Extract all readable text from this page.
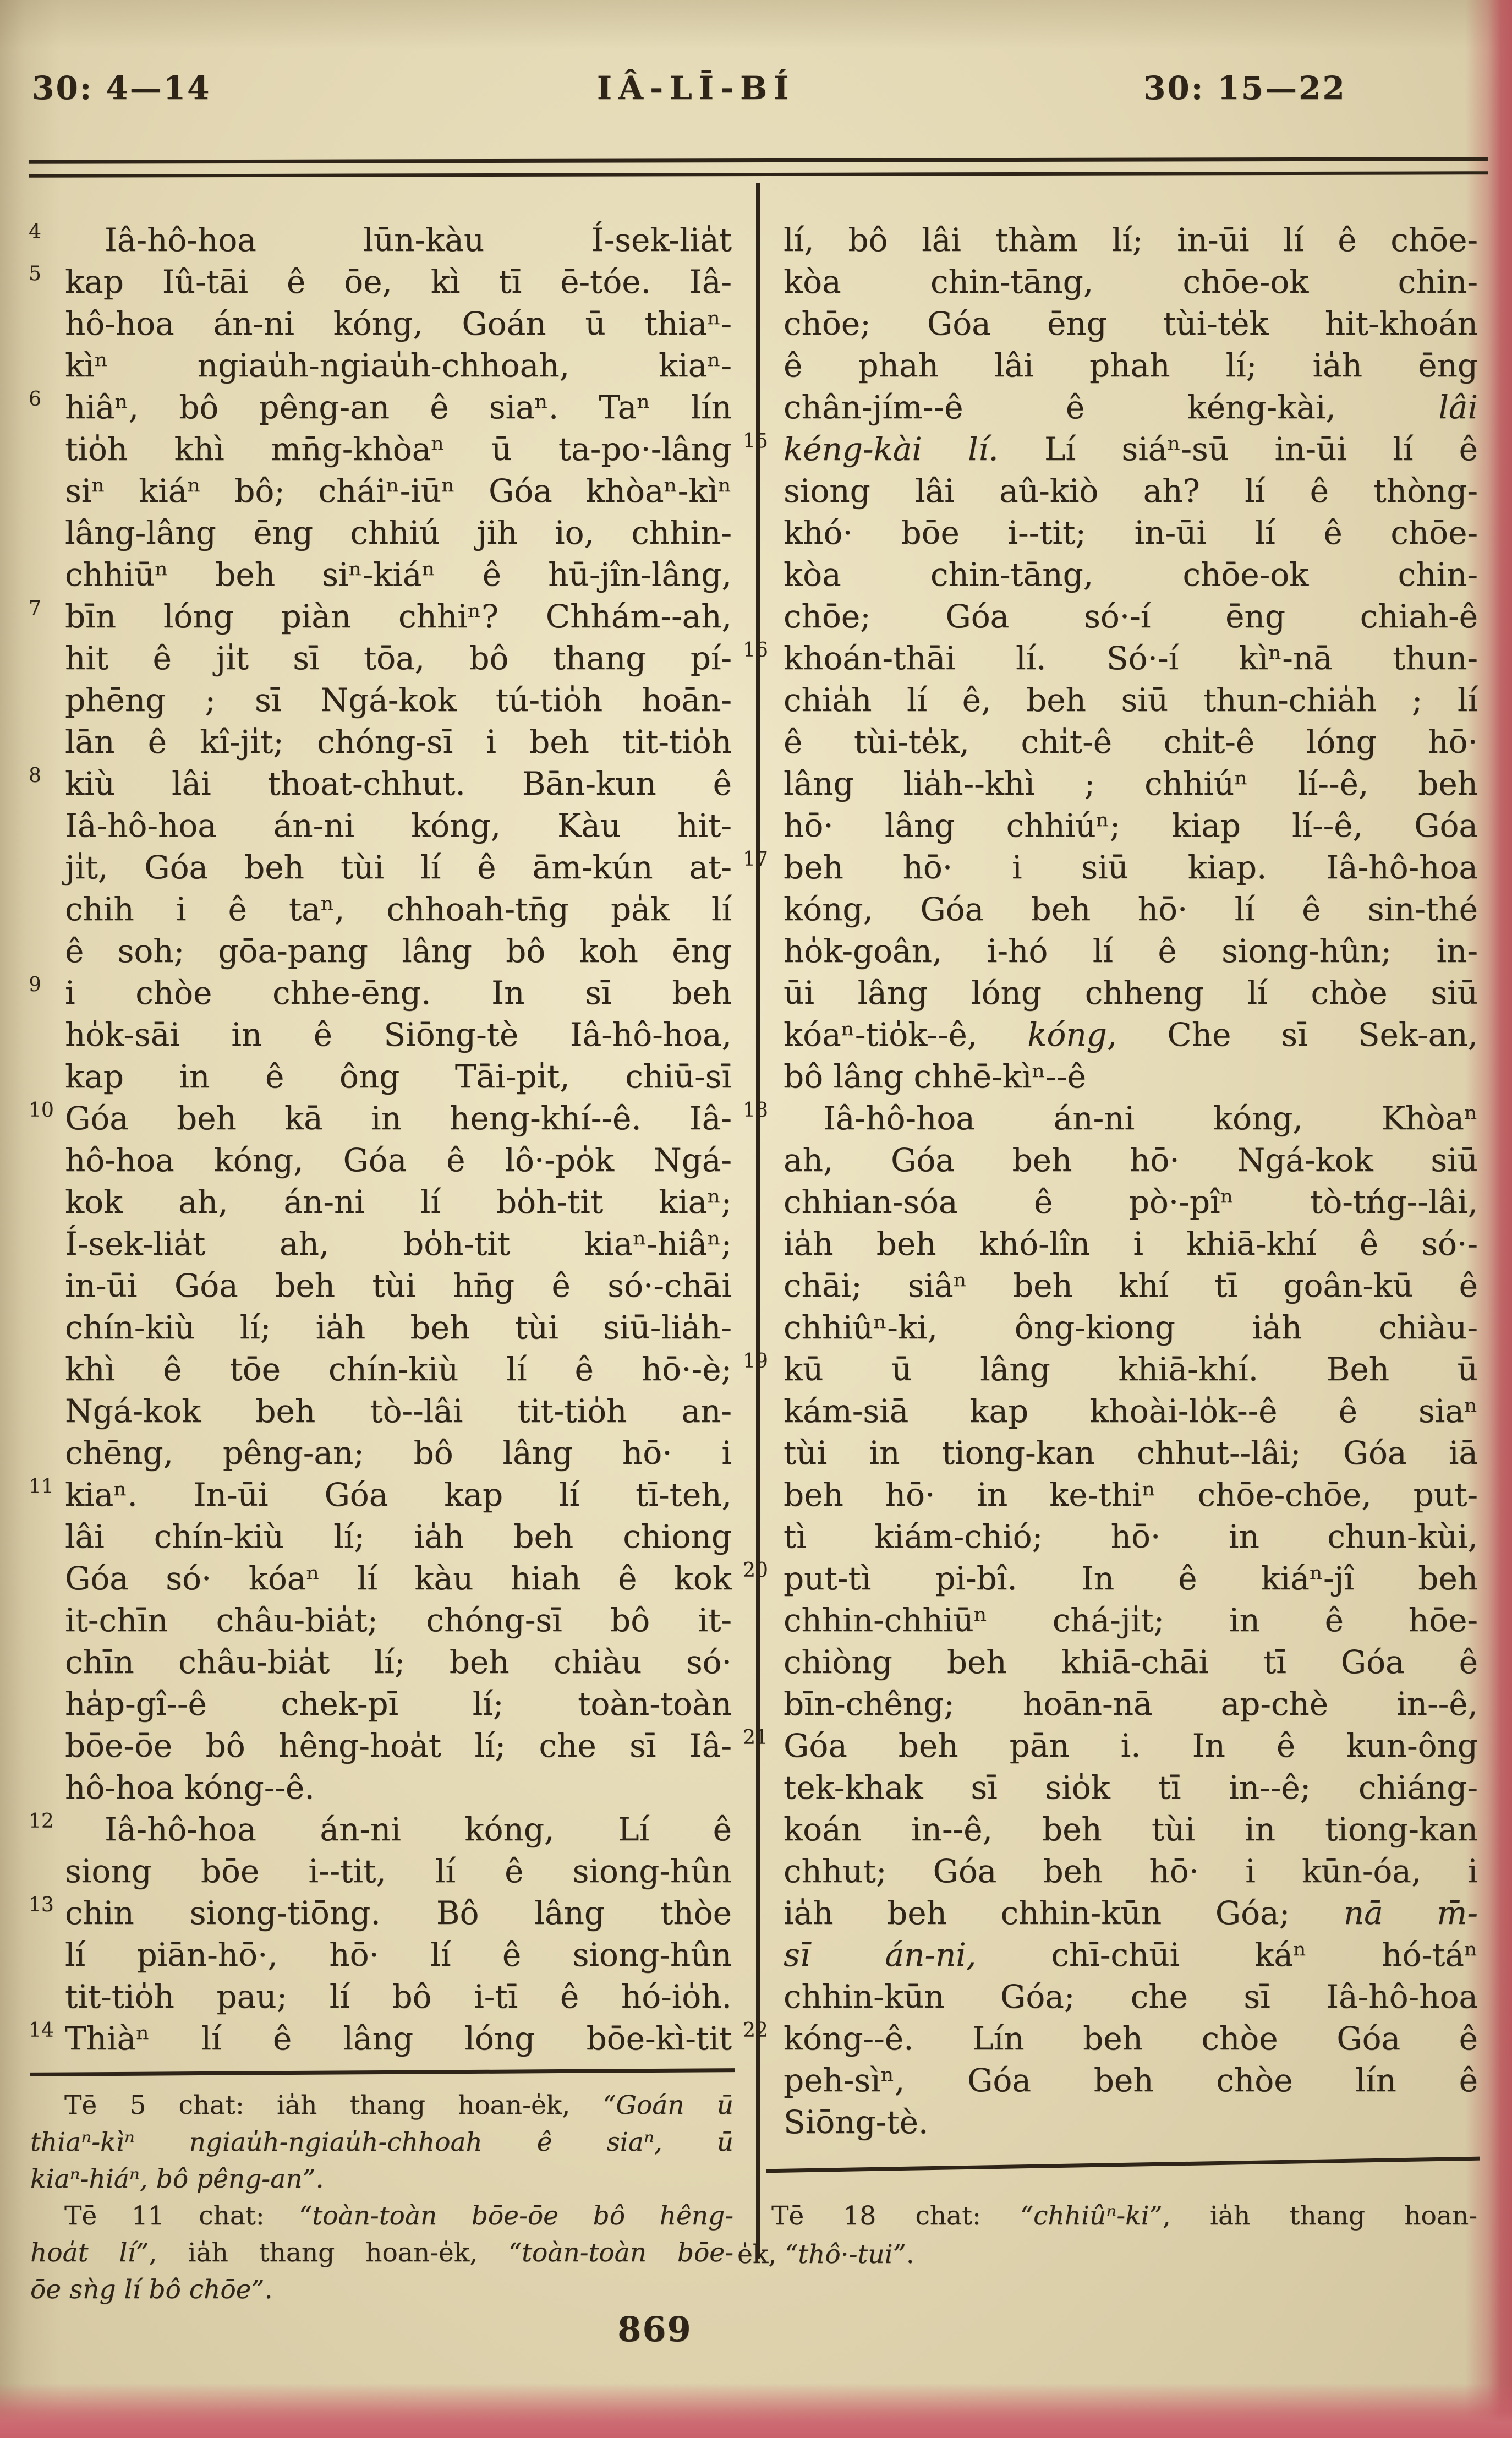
30: 4—14	IÂ-LĪ-BÍ	30: 15—22
4	Iâ-hô-hoa lūn-kàu Í-sek-lia̍t
5 kap Iû-tāi ê ōe, kì tī ē-tóe. Iâ-
hô-hoa án-ni kóng, Goán ū thiaⁿ-
kìⁿ ngiau̍h-ngiau̍h-chhoah, kiaⁿ-
6 hiâⁿ, bô pêng-an ê siaⁿ. Taⁿ lín
tio̍h khì mn̄g-khòaⁿ ū ta-po·-lâng
siⁿ kiáⁿ bô; cháiⁿ-iūⁿ Góa khòaⁿ-kìⁿ
lâng-lâng ēng chhiú jih io, chhin-
chhiūⁿ beh siⁿ-kiáⁿ ê hū-jîn-lâng,
7 bīn lóng piàn chhiⁿ? Chhám--ah,
hit ê ji̍t sī tōa, bô thang pí-
phēng ; sī Ngá-kok tú-tio̍h hoān-
lān ê kî-ji̍t; chóng-sī i beh tit-tio̍h
8 kiù lâi thoat-chhut. Bān-kun ê
Iâ-hô-hoa án-ni kóng, Kàu hit-
ji̍t, Góa beh tùi lí ê ām-kún at-
chih i ê taⁿ, chhoah-tn̄g pa̍k lí
ê soh; gōa-pang lâng bô koh ēng
9 i chòe chhe-ēng. In sī beh
ho̍k-sāi in ê Siōng-tè Iâ-hô-hoa,
kap in ê ông Tāi-pi̍t, chiū-sī
10 Góa beh kā in heng-khí--ê. Iâ-
hô-hoa kóng, Góa ê lô·-po̍k Ngá-
kok ah, án-ni lí bo̍h-tit kiaⁿ;
Í-sek-lia̍t ah, bo̍h-tit kiaⁿ-hiâⁿ;
in-ūi Góa beh tùi hn̄g ê só·-chāi
chín-kiù lí; ia̍h beh tùi siū-lia̍h-
khì ê tōe chín-kiù lí ê hō·-è;
Ngá-kok beh tò--lâi tit-tio̍h an-
chēng, pêng-an; bô lâng hō· i
11 kiaⁿ. In-ūi Góa kap lí tī-teh,
lâi chín-kiù lí; ia̍h beh chiong
Góa só· kóaⁿ lí kàu hiah ê kok
it-chīn châu-bia̍t; chóng-sī bô it-
chīn châu-bia̍t lí; beh chiàu só·
ha̍p-gî--ê chek-pī lí; toàn-toàn
bōe-ōe bô hêng-hoa̍t lí; che sī Iâ-
hô-hoa kóng--ê.
12 Iâ-hô-hoa án-ni kóng, Lí ê
siong bōe i--tit, lí ê siong-hûn
13 chin siong-tiōng. Bô lâng thòe
lí piān-hō·, hō· lí ê siong-hûn
tit-tio̍h pau; lí bô i-tī ê hó-io̍h.
14 Thiàⁿ lí ê lâng lóng bōe-kì-tit
lí, bô lâi thàm lí; in-ūi lí ê chōe-
kòa chin-tāng, chōe-ok chin-
chōe; Góa ēng tùi-te̍k hit-khoán
ê phah lâi phah lí; ia̍h ēng
chân-jím--ê ê kéng-kài, lâi
15 kéng-kài lí. Lí siáⁿ-sū in-ūi lí ê
siong lâi aû-kiò ah? lí ê thòng-
khó· bōe i--tit; in-ūi lí ê chōe-
kòa chin-tāng, chōe-ok chin-
chōe; Góa só·-í ēng chiah-ê
16 khoán-thāi lí. Só·-í kìⁿ-nā thun-
chia̍h lí ê, beh siū thun-chia̍h ; lí
ê tùi-te̍k, chi̍t-ê chi̍t-ê lóng hō·
lâng lia̍h--khì ; chhiúⁿ lí--ê, beh
hō· lâng chhiúⁿ; kiap lí--ê, Góa
17 beh hō· i siū kiap. Iâ-hô-hoa
kóng, Góa beh hō· lí ê sin-thé
ho̍k-goân, i-hó lí ê siong-hûn; in-
ūi lâng lóng chheng lí chòe siū
kóaⁿ-tio̍k--ê, kóng, Che sī Sek-an,
bô lâng chhē-kìⁿ--ê
18	Iâ-hô-hoa án-ni kóng, Khòaⁿ
ah, Góa beh hō· Ngá-kok siū
chhian-sóa ê pò·-pîⁿ tò-tńg--lâi,
ia̍h beh khó-lîn i khiā-khí ê só·-
chāi; siâⁿ beh khí tī goân-kū ê
chhiûⁿ-ki, ông-kiong ia̍h chiàu-
19 kū ū lâng khiā-khí. Beh ū
kám-siā kap khoài-lo̍k--ê ê siaⁿ
tùi in tiong-kan chhut--lâi; Góa iā
beh hō· in ke-thiⁿ chōe-chōe, put-
tì kiám-chió; hō· in chun-kùi,
20 put-tì pi-bî. In ê kiáⁿ-jî beh
chhin-chhiūⁿ chá-ji̍t; in ê hōe-
chiòng beh khiā-chāi tī Góa ê
bīn-chêng; hoān-nā ap-chè in--ê,
21 Góa beh pān i. In ê kun-ông
tek-khak sī sio̍k tī in--ê; chiáng-
koán in--ê, beh tùi in tiong-kan
chhut; Góa beh hō· i kūn-óa, i
ia̍h beh chhin-kūn Góa; nā m̄-
sī án-ni, chī-chūi káⁿ hó-táⁿ
chhin-kūn Góa; che sī Iâ-hô-hoa
22 kóng--ê. Lín beh chòe Góa ê
peh-sìⁿ, Góa beh chòe lín ê
Siōng-tè.
Tē 5 chat: ia̍h thang hoan-e̍k, “Goán ū
thiaⁿ-kìⁿ ngiau̍h-ngiau̍h-chhoah ê siaⁿ, ū
kiaⁿ-hiáⁿ, bô pêng-an”.
Tē 11 chat: “toàn-toàn bōe-ōe bô hêng-
hoa̍t lí”, ia̍h thang hoan-e̍k, “toàn-toàn bōe-
ōe sǹg lí bô chōe”.
Tē 18 chat: “chhiûⁿ-ki”, ia̍h thang hoan-
e̍k, “thô·-tui”.
869
